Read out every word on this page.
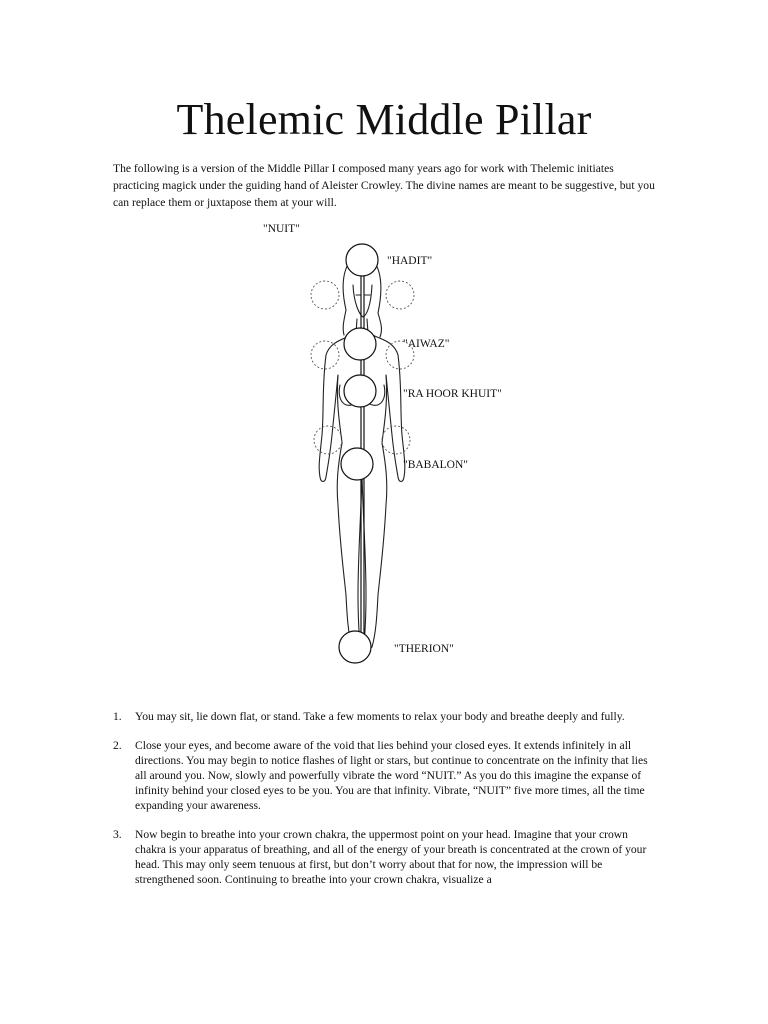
Thelemic Middle Pillar

The following is a version of the Middle Pillar I composed many years ago for work with Thelemic initiates practicing magick under the guiding hand of Aleister Crowley. The divine names are meant to be suggestive, but you can replace them or juxtapose them at your will.

"NUIT"
"HADIT"
"AIWAZ"
"RA HOOR KHUIT"
"BABALON"
"THERION"
1. You may sit, lie down flat, or stand. Take a few moments to relax your body and breathe deeply and fully.
2. Close your eyes, and become aware of the void that lies behind your closed eyes. It extends infinitely in all directions. You may begin to notice flashes of light or stars, but continue to concentrate on the infinity that lies all around you. Now, slowly and powerfully vibrate the word “NUIT.” As you do this imagine the expanse of infinity behind your closed eyes to be you. You are that infinity. Vibrate, “NUIT” five more times, all the time expanding your awareness.
3. Now begin to breathe into your crown chakra, the uppermost point on your head. Imagine that your crown chakra is your apparatus of breathing, and all of the energy of your breath is concentrated at the crown of your head. This may only seem tenuous at first, but don’t worry about that for now, the impression will be strengthened soon. Continuing to breathe into your crown chakra, visualize a
